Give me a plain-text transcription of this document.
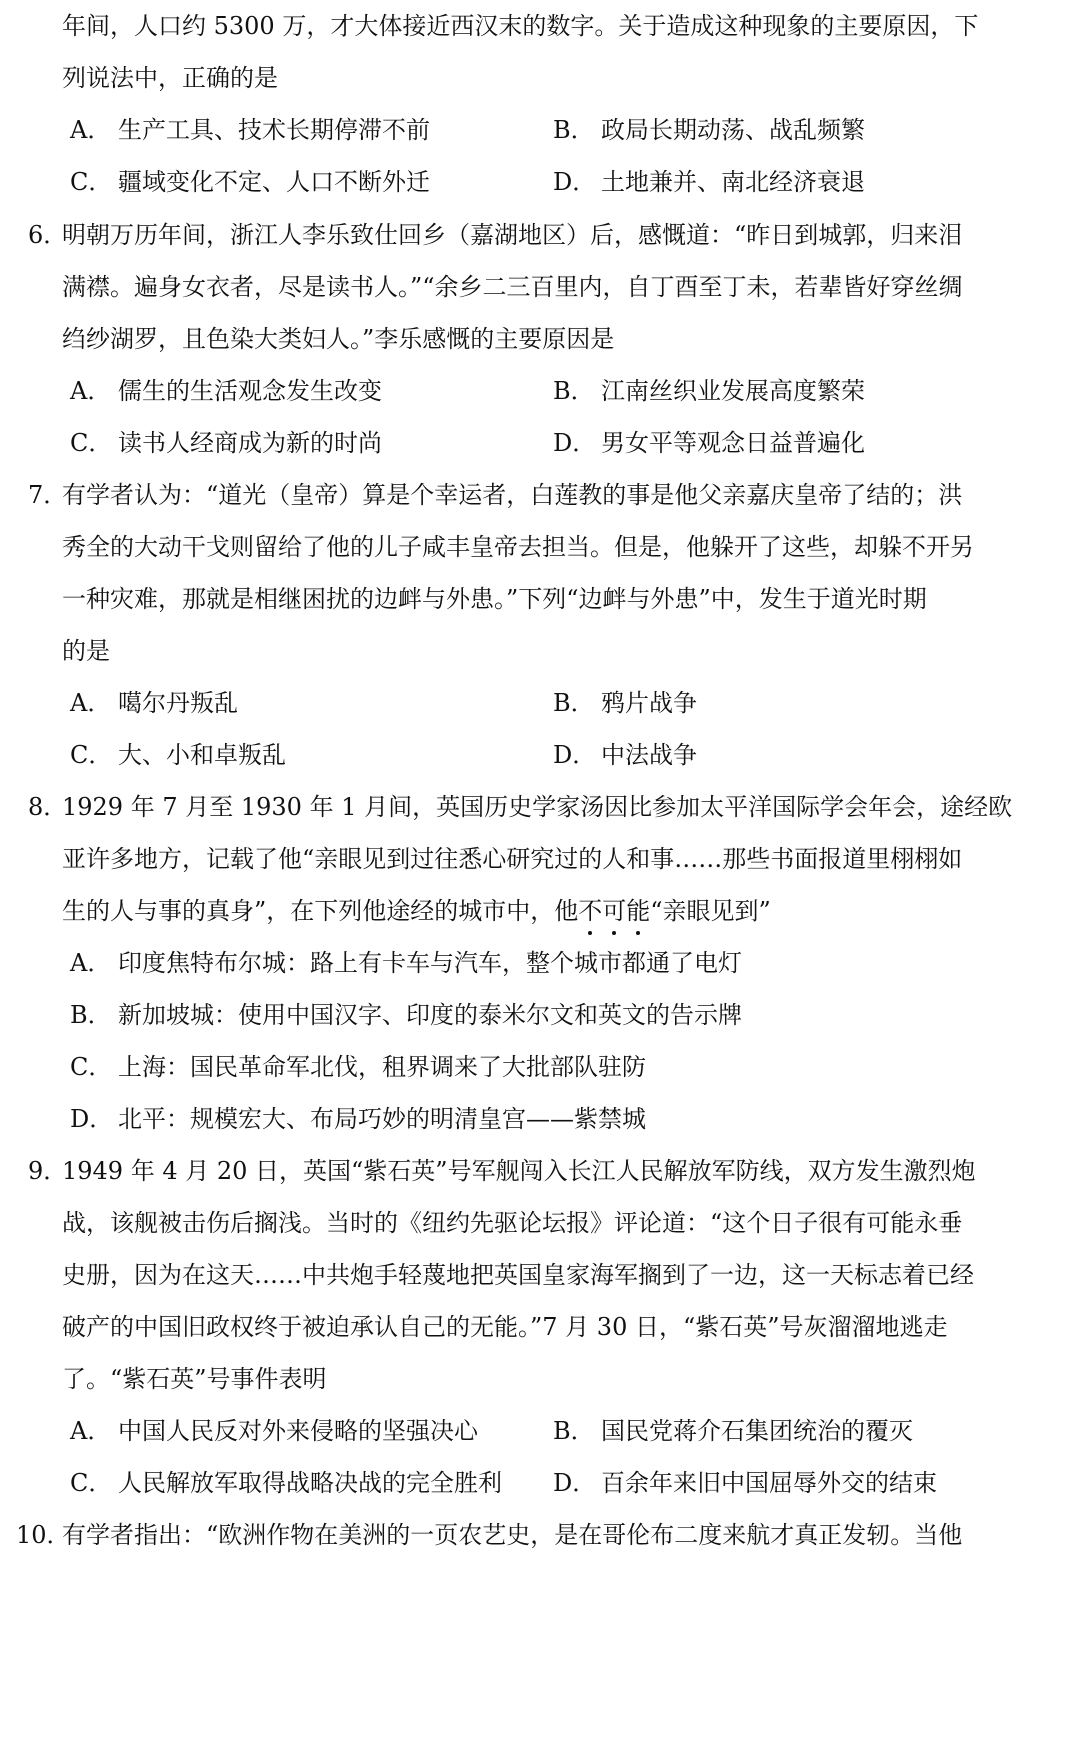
年间，人口约 5300 万，才大体接近西汉末的数字。关于造成这种现象的主要原因，下
列说法中，正确的是
A． 生产工具、技术长期停滞不前	B． 政局长期动荡、战乱频繁
C． 疆域变化不定、人口不断外迁	D． 土地兼并、南北经济衰退
6．明朝万历年间，浙江人李乐致仕回乡（嘉湖地区）后，感慨道：“昨日到城郭，归来泪
满襟。遍身女衣者，尽是读书人。”“余乡二三百里内，自丁酉至丁未，若辈皆好穿丝绸
绉纱湖罗，且色染大类妇人。”李乐感慨的主要原因是
A． 儒生的生活观念发生改变	B． 江南丝织业发展高度繁荣
C． 读书人经商成为新的时尚	D． 男女平等观念日益普遍化
7．有学者认为：“道光（皇帝）算是个幸运者，白莲教的事是他父亲嘉庆皇帝了结的；洪
秀全的大动干戈则留给了他的儿子咸丰皇帝去担当。但是，他躲开了这些，却躲不开另
一种灾难，那就是相继困扰的边衅与外患。”下列“边衅与外患”中，发生于道光时期
的是
A． 噶尔丹叛乱	B． 鸦片战争
C． 大、小和卓叛乱	D． 中法战争
8．1929 年 7 月至 1930 年 1 月间，英国历史学家汤因比参加太平洋国际学会年会，途经欧
亚许多地方，记载了他“亲眼见到过往悉心研究过的人和事……那些书面报道里栩栩如
生的人与事的真身”，在下列他途经的城市中，他不
可
能
“亲眼见到”
A． 印度焦特布尔城：路上有卡车与汽车，整个城市都通了电灯
B． 新加坡城：使用中国汉字、印度的泰米尔文和英文的告示牌
C． 上海：国民革命军北伐，租界调来了大批部队驻防
D． 北平：规模宏大、布局巧妙的明清皇宫——紫禁城
9．1949 年 4 月 20 日，英国“紫石英”号军舰闯入长江人民解放军防线，双方发生激烈炮
战，该舰被击伤后搁浅。当时的《纽约先驱论坛报》评论道：“这个日子很有可能永垂
史册，因为在这天……中共炮手轻蔑地把英国皇家海军搁到了一边，这一天标志着已经
破产的中国旧政权终于被迫承认自己的无能。”7 月 30 日，“紫石英”号灰溜溜地逃走
了。“紫石英”号事件表明
A． 中国人民反对外来侵略的坚强决心	B． 国民党蒋介石集团统治的覆灭
C． 人民解放军取得战略决战的完全胜利 D． 百余年来旧中国屈辱外交的结束
10．有学者指出：“欧洲作物在美洲的一页农艺史，是在哥伦布二度来航才真正发轫。当他
